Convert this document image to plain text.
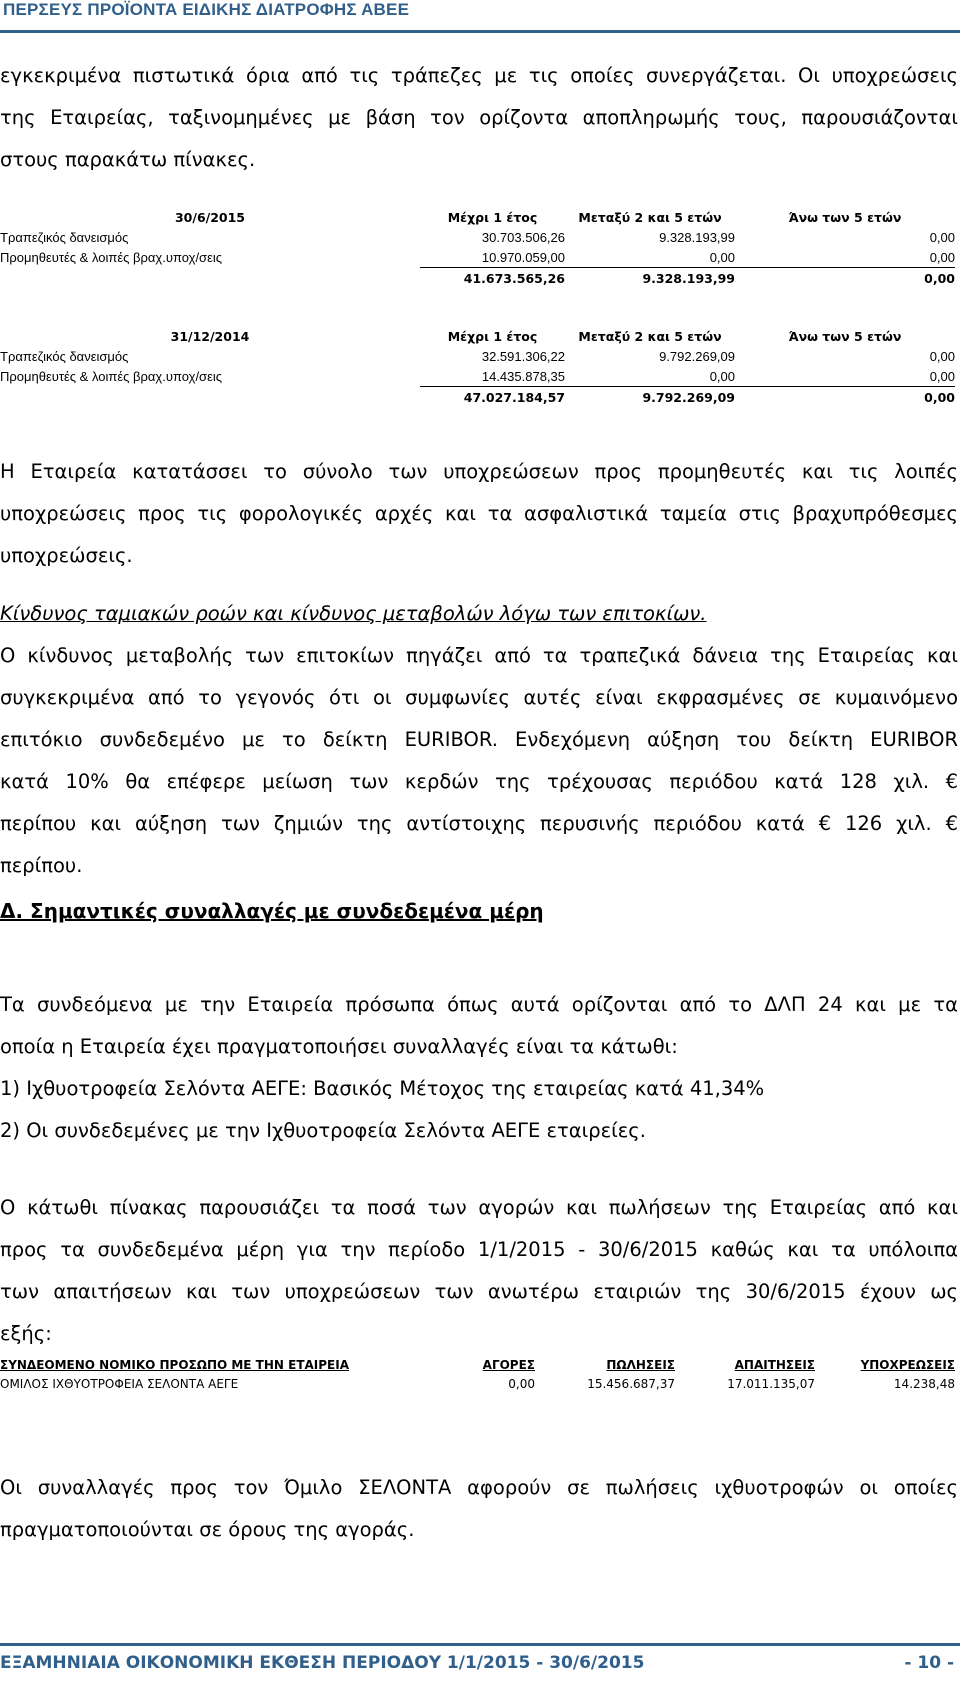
ΠΕΡΣΕΥΣ ΠΡΟΪΟΝΤΑ ΕΙΔΙΚΗΣ ΔΙΑΤΡΟΦΗΣ ΑΒΕΕ
εγκεκριμένα πιστωτικά όρια από τις τράπεζες με τις οποίες συνεργάζεται. Οι υποχρεώσεις
της Εταιρείας, ταξινομημένες με βάση τον ορίζοντα αποπληρωμής τους, παρουσιάζονται
στους παρακάτω πίνακες.
30/6/2015	Μέχρι 1 έτος	Μεταξύ 2 και 5 ετών	Άνω των 5 ετών
Τραπεζικός δανεισμός	30.703.506,26	9.328.193,99	0,00
Προμηθευτές & λοιπές βραχ.υποχ/σεις	10.970.059,00	0,00	0,00
	41.673.565,26	9.328.193,99	0,00
31/12/2014	Μέχρι 1 έτος	Μεταξύ 2 και 5 ετών	Άνω των 5 ετών
Τραπεζικός δανεισμός	32.591.306,22	9.792.269,09	0,00
Προμηθευτές & λοιπές βραχ.υποχ/σεις	14.435.878,35	0,00	0,00
	47.027.184,57	9.792.269,09	0,00
Η Εταιρεία κατατάσσει το σύνολο των υποχρεώσεων προς προμηθευτές και τις λοιπές
υποχρεώσεις προς τις φορολογικές αρχές και τα ασφαλιστικά ταμεία στις βραχυπρόθεσμες
υποχρεώσεις.
Κίνδυνος ταμιακών ροών και κίνδυνος μεταβολών λόγω των επιτοκίων.
Ο κίνδυνος μεταβολής των επιτοκίων πηγάζει από τα τραπεζικά δάνεια της Εταιρείας και
συγκεκριμένα από το γεγονός ότι οι συμφωνίες αυτές είναι εκφρασμένες σε κυμαινόμενο
επιτόκιο συνδεδεμένο με το δείκτη EURIBOR. Ενδεχόμενη αύξηση του δείκτη EURIBOR
κατά 10% θα επέφερε μείωση των κερδών της τρέχουσας περιόδου κατά 128 χιλ. €
περίπου και αύξηση των ζημιών της αντίστοιχης περυσινής περιόδου κατά € 126 χιλ. €
περίπου.
Δ. Σημαντικές συναλλαγές με συνδεδεμένα μέρη
Τα συνδεόμενα με την Εταιρεία πρόσωπα όπως αυτά ορίζονται από το ΔΛΠ 24 και με τα
οποία η Εταιρεία έχει πραγματοποιήσει συναλλαγές είναι τα κάτωθι:
1) Ιχθυοτροφεία Σελόντα ΑΕΓΕ: Βασικός Μέτοχος της εταιρείας κατά 41,34%
2) Οι συνδεδεμένες με την Ιχθυοτροφεία Σελόντα ΑΕΓΕ εταιρείες.
Ο κάτωθι πίνακας παρουσιάζει τα ποσά των αγορών και πωλήσεων της Εταιρείας από και
προς τα συνδεδεμένα μέρη για την περίοδο 1/1/2015 - 30/6/2015 καθώς και τα υπόλοιπα
των απαιτήσεων και των υποχρεώσεων των ανωτέρω εταιριών της 30/6/2015 έχουν ως
εξής:
ΣΥΝΔΕΟΜΕΝΟ ΝΟΜΙΚΟ ΠΡΟΣΩΠΟ ΜΕ ΤΗΝ ΕΤΑΙΡΕΙΑ	ΑΓΟΡΕΣ	ΠΩΛΗΣΕΙΣ	ΑΠΑΙΤΗΣΕΙΣ	ΥΠΟΧΡΕΩΣΕΙΣ
ΟΜΙΛΟΣ ΙΧΘΥΟΤΡΟΦΕΙΑ ΣΕΛΟΝΤΑ ΑΕΓΕ	0,00	15.456.687,37	17.011.135,07	14.238,48
Οι συναλλαγές προς τον Όμιλο ΣΕΛΟΝΤΑ αφορούν σε πωλήσεις ιχθυοτροφών οι οποίες
πραγματοποιούνται σε όρους της αγοράς.
ΕΞΑΜΗΝΙΑΙΑ ΟΙΚΟΝΟΜΙΚΗ ΕΚΘΕΣΗ ΠΕΡΙΟΔΟΥ 1/1/2015 - 30/6/2015	- 10 -
